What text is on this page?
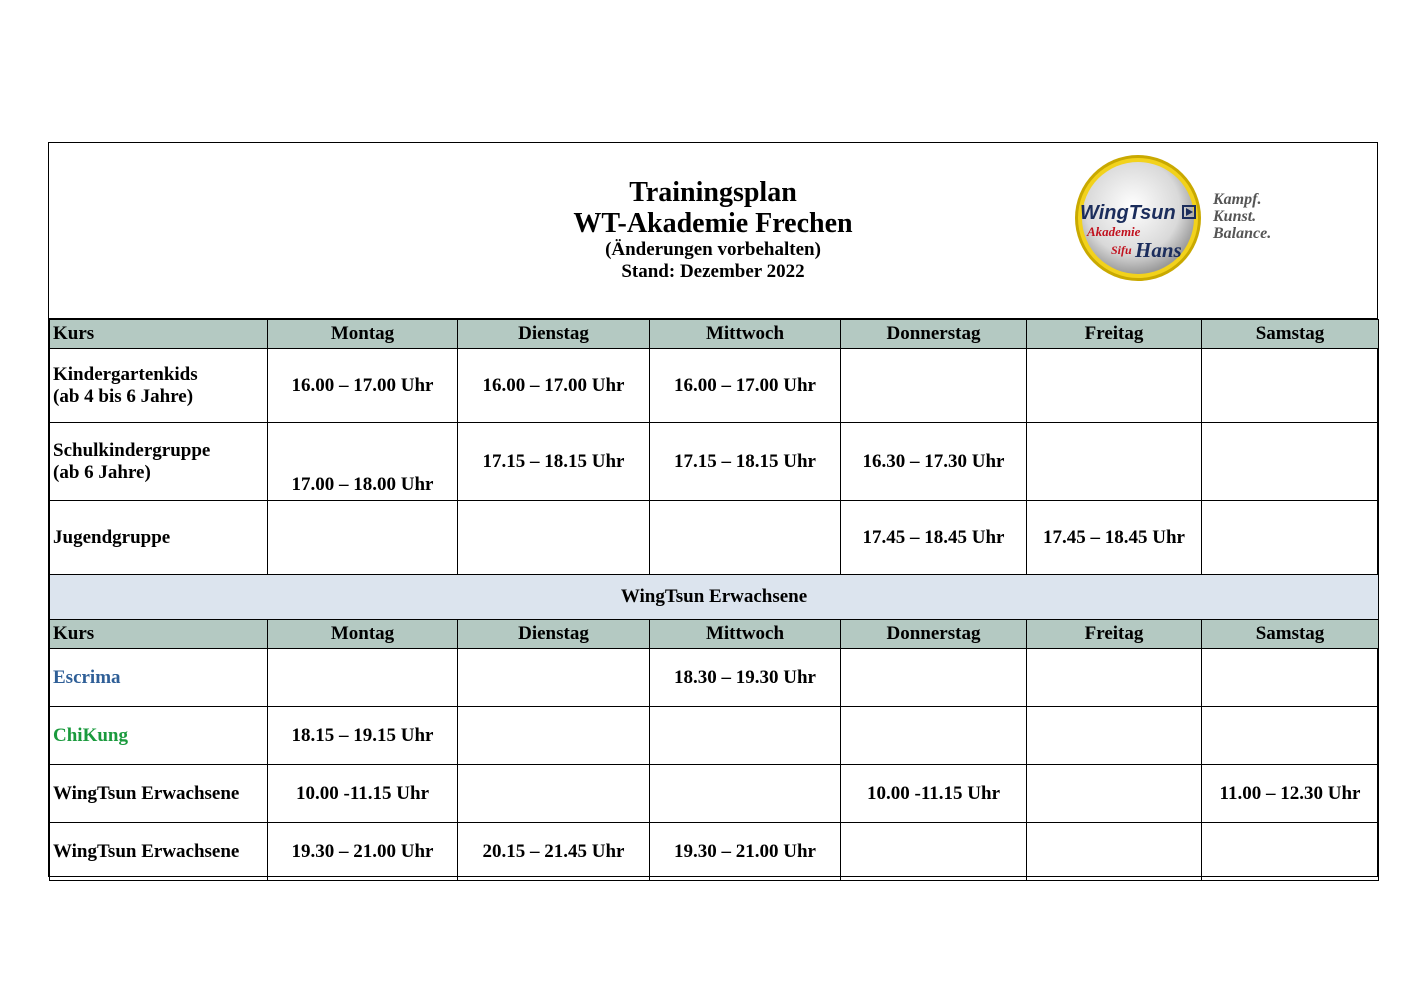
Trainingsplan
WT-Akademie Frechen
(Änderungen vorbehalten)
Stand: Dezember 2022
WingTsun
Akademie
Sifu Hans
Kampf.
Kunst.
Balance.
Kurs	Montag	Dienstag	Mittwoch	Donnerstag	Freitag	Samstag

Kindergartenkids
(ab 4 bis 6 Jahre)	16.00 – 17.00 Uhr	16.00 – 17.00 Uhr	16.00 – 17.00 Uhr			

Schulkindergruppe
(ab 6 Jahre)	17.00 – 18.00 Uhr	17.15 – 18.15 Uhr	17.15 – 18.15 Uhr	16.30 – 17.30 Uhr		

Jugendgruppe				17.45 – 18.45 Uhr	17.45 – 18.45 Uhr	
WingTsun Erwachsene						
Kurs	Montag	Dienstag	Mittwoch	Donnerstag	Freitag	Samstag
Escrima			18.30 – 19.30 Uhr			
ChiKung	18.15 – 19.15 Uhr					
WingTsun Erwachsene	10.00 -11.15 Uhr			10.00 -11.15 Uhr		11.00 – 12.30 Uhr
WingTsun Erwachsene	19.30 – 21.00 Uhr	20.15 – 21.45 Uhr	19.30 – 21.00 Uhr			
